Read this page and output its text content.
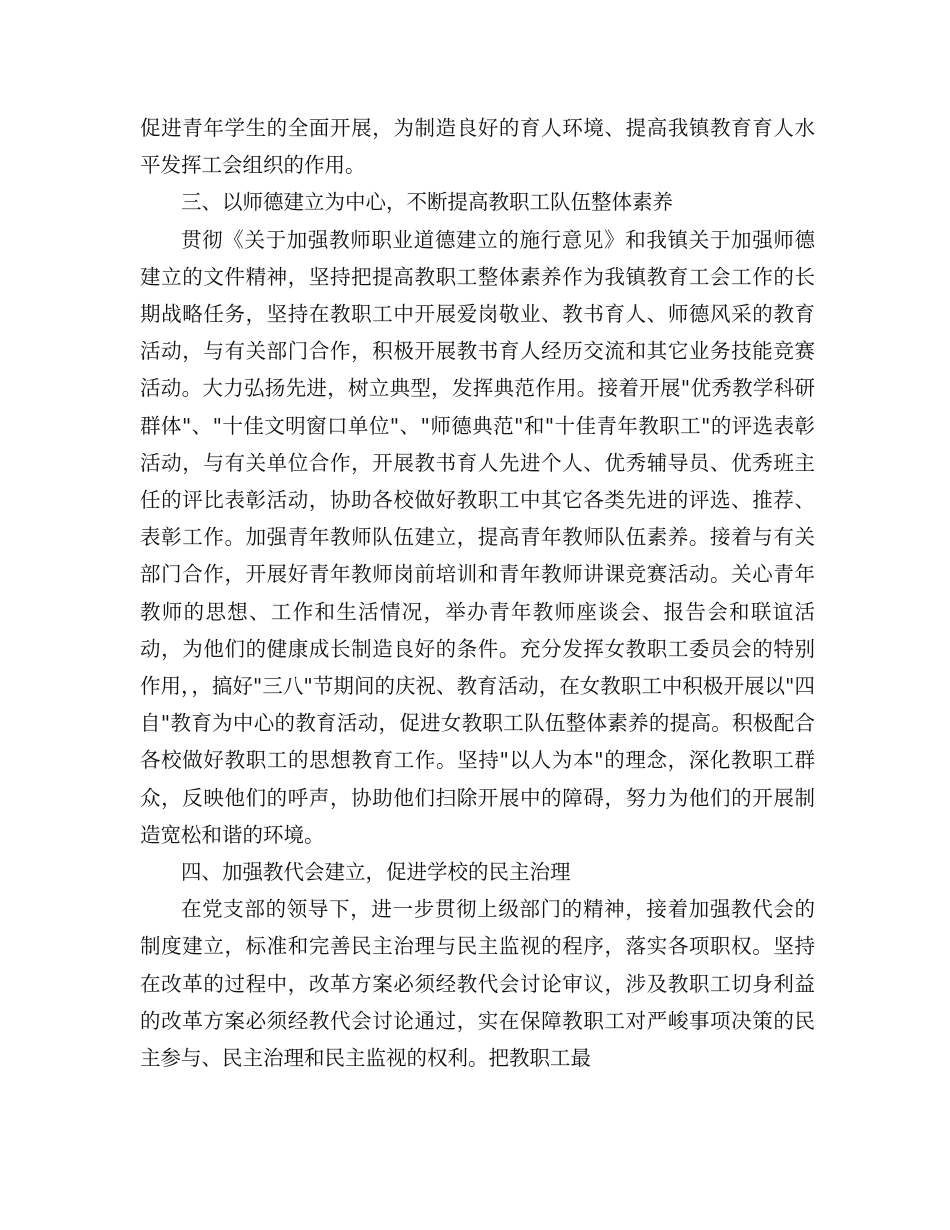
促进青年学生的全面开展，为制造良好的育人环境、提高我镇教育育人水平发挥工会组织的作用。

三、以师德建立为中心，不断提高教职工队伍整体素养

贯彻《关于加强教师职业道德建立的施行意见》和我镇关于加强师德建立的文件精神，坚持把提高教职工整体素养作为我镇教育工会工作的长期战略任务，坚持在教职工中开展爱岗敬业、教书育人、师德风采的教育活动，与有关部门合作，积极开展教书育人经历交流和其它业务技能竞赛活动。大力弘扬先进，树立典型，发挥典范作用。接着开展"优秀教学科研群体"、"十佳文明窗口单位"、"师德典范"和"十佳青年教职工"的评选表彰活动，与有关单位合作，开展教书育人先进个人、优秀辅导员、优秀班主任的评比表彰活动，协助各校做好教职工中其它各类先进的评选、推荐、表彰工作。加强青年教师队伍建立，提高青年教师队伍素养。接着与有关部门合作，开展好青年教师岗前培训和青年教师讲课竞赛活动。关心青年教师的思想、工作和生活情况，举办青年教师座谈会、报告会和联谊活动，为他们的健康成长制造良好的条件。充分发挥女教职工委员会的特别作用，，搞好"三八"节期间的庆祝、教育活动，在女教职工中积极开展以"四自"教育为中心的教育活动，促进女教职工队伍整体素养的提高。积极配合各校做好教职工的思想教育工作。坚持"以人为本"的理念，深化教职工群众，反映他们的呼声，协助他们扫除开展中的障碍，努力为他们的开展制造宽松和谐的环境。

四、加强教代会建立，促进学校的民主治理

在党支部的领导下，进一步贯彻上级部门的精神，接着加强教代会的制度建立，标准和完善民主治理与民主监视的程序，落实各项职权。坚持在改革的过程中，改革方案必须经教代会讨论审议，涉及教职工切身利益的改革方案必须经教代会讨论通过，实在保障教职工对严峻事项决策的民主参与、民主治理和民主监视的权利。把教职工最
